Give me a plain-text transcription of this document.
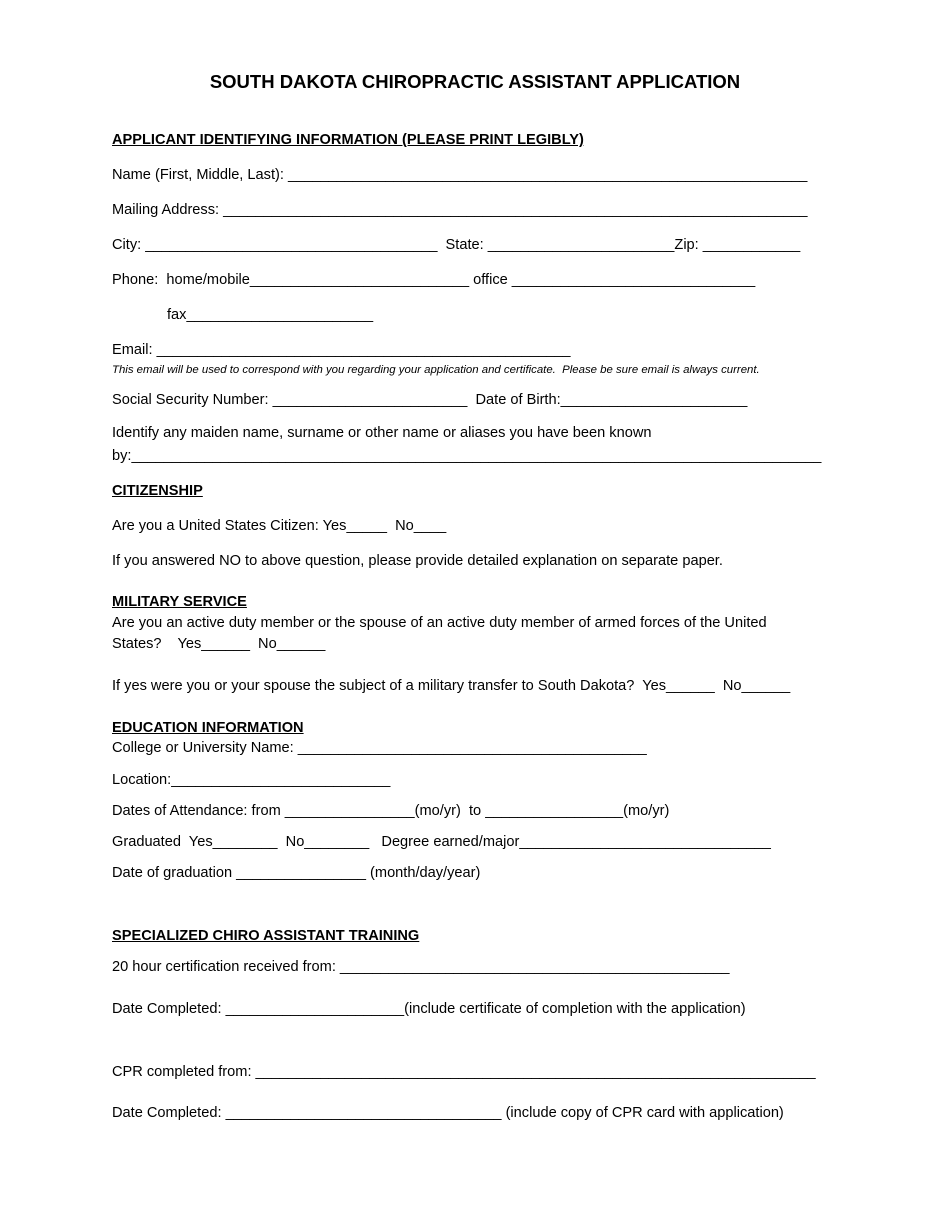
SOUTH DAKOTA CHIROPRACTIC ASSISTANT APPLICATION
APPLICANT IDENTIFYING INFORMATION (PLEASE PRINT LEGIBLY)
Name (First, Middle, Last): ________________________________________________________________
Mailing Address: ________________________________________________________________________
City: ____________________________________  State: _______________________Zip: ____________
Phone:  home/mobile___________________________ office ______________________________
fax_______________________
Email: ___________________________________________________
This email will be used to correspond with you regarding your application and certificate.  Please be sure email is always current.
Social Security Number: ________________________  Date of Birth:_______________________
Identify any maiden name, surname or other name or aliases you have been known
by:_____________________________________________________________________________________
CITIZENSHIP
Are you a United States Citizen: Yes_____  No____
If you answered NO to above question, please provide detailed explanation on separate paper.
MILITARY SERVICE
Are you an active duty member or the spouse of an active duty member of armed forces of the United
States?    Yes______  No______
If yes were you or your spouse the subject of a military transfer to South Dakota?  Yes______  No______
EDUCATION INFORMATION
College or University Name: ___________________________________________
Location:___________________________
Dates of Attendance: from ________________(mo/yr)  to _________________(mo/yr)
Graduated  Yes________  No________   Degree earned/major_______________________________
Date of graduation ________________ (month/day/year)
SPECIALIZED CHIRO ASSISTANT TRAINING
20 hour certification received from: ________________________________________________
Date Completed: ______________________(include certificate of completion with the application)
CPR completed from: _____________________________________________________________________
Date Completed: __________________________________ (include copy of CPR card with application)
